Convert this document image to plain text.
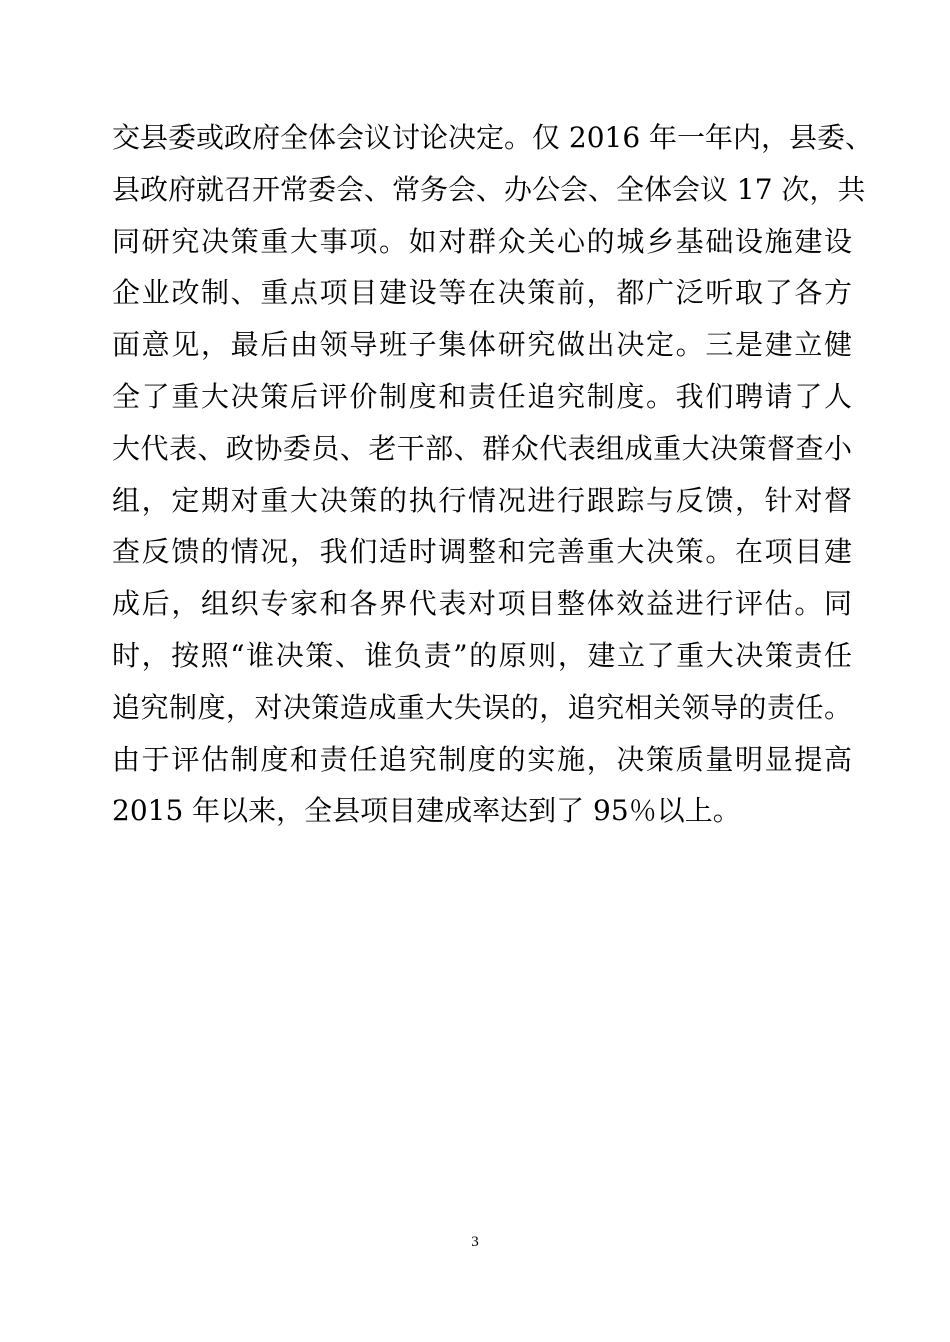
交县委或政府全体会议讨论决定。仅 2016 年一年内，县委、
县政府就召开常委会、常务会、办公会、全体会议 17 次，共
同研究决策重大事项。如对群众关心的城乡基础设施建设
企业改制、重点项目建设等在决策前，都广泛听取了各方
面意见，最后由领导班子集体研究做出决定。三是建立健
全了重大决策后评价制度和责任追究制度。我们聘请了人
大代表、政协委员、老干部、群众代表组成重大决策督查小
组，定期对重大决策的执行情况进行跟踪与反馈，针对督
查反馈的情况，我们适时调整和完善重大决策。在项目建
成后，组织专家和各界代表对项目整体效益进行评估。同
时，按照“谁决策、谁负责”的原则，建立了重大决策责任
追究制度，对决策造成重大失误的，追究相关领导的责任。
由于评估制度和责任追究制度的实施，决策质量明显提高
2015 年以来，全县项目建成率达到了 95％以上。
3
